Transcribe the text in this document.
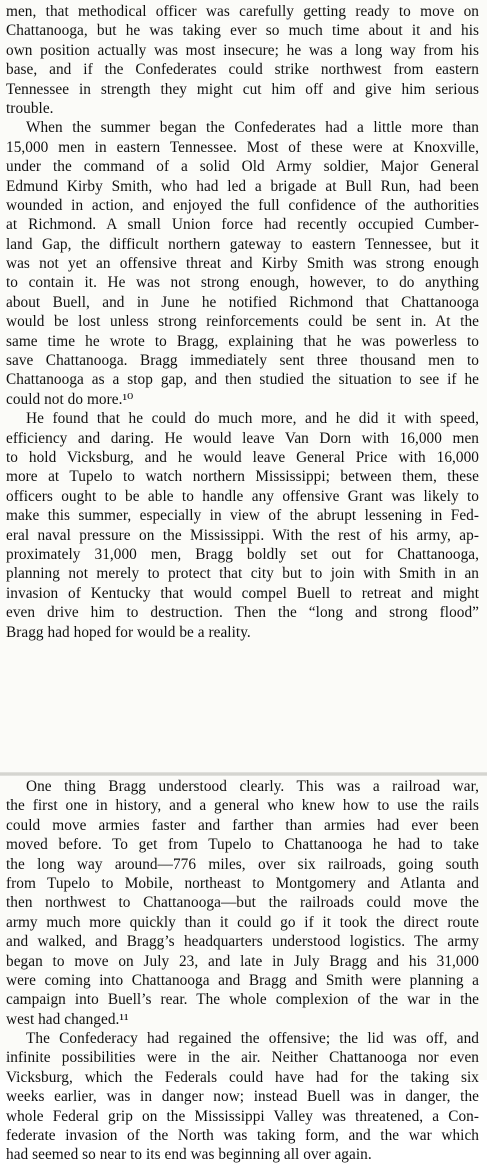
men, that methodical officer was carefully getting ready to move on
Chattanooga, but he was taking ever so much time about it and his
own position actually was most insecure; he was a long way from his
base, and if the Confederates could strike northwest from eastern
Tennessee in strength they might cut him off and give him serious
trouble.

When the summer began the Confederates had a little more than
15,000 men in eastern Tennessee. Most of these were at Knoxville,
under the command of a solid Old Army soldier, Major General
Edmund Kirby Smith, who had led a brigade at Bull Run, had been
wounded in action, and enjoyed the full confidence of the authorities
at Richmond. A small Union force had recently occupied Cumber-
land Gap, the difficult northern gateway to eastern Tennessee, but it
was not yet an offensive threat and Kirby Smith was strong enough
to contain it. He was not strong enough, however, to do anything
about Buell, and in June he notified Richmond that Chattanooga
would be lost unless strong reinforcements could be sent in. At the
same time he wrote to Bragg, explaining that he was powerless to
save Chattanooga. Bragg immediately sent three thousand men to
Chattanooga as a stop gap, and then studied the situation to see if he
could not do more.¹⁰

He found that he could do much more, and he did it with speed,
efficiency and daring. He would leave Van Dorn with 16,000 men
to hold Vicksburg, and he would leave General Price with 16,000
more at Tupelo to watch northern Mississippi; between them, these
officers ought to be able to handle any offensive Grant was likely to
make this summer, especially in view of the abrupt lessening in Fed-
eral naval pressure on the Mississippi. With the rest of his army, ap-
proximately 31,000 men, Bragg boldly set out for Chattanooga,
planning not merely to protect that city but to join with Smith in an
invasion of Kentucky that would compel Buell to retreat and might
even drive him to destruction. Then the “long and strong flood”
Bragg had hoped for would be a reality.

One thing Bragg understood clearly. This was a railroad war,
the first one in history, and a general who knew how to use the rails
could move armies faster and farther than armies had ever been
moved before. To get from Tupelo to Chattanooga he had to take
the long way around—776 miles, over six railroads, going south
from Tupelo to Mobile, northeast to Montgomery and Atlanta and
then northwest to Chattanooga—but the railroads could move the
army much more quickly than it could go if it took the direct route
and walked, and Bragg’s headquarters understood logistics. The army
began to move on July 23, and late in July Bragg and his 31,000
were coming into Chattanooga and Bragg and Smith were planning a
campaign into Buell’s rear. The whole complexion of the war in the
west had changed.¹¹

The Confederacy had regained the offensive; the lid was off, and
infinite possibilities were in the air. Neither Chattanooga nor even
Vicksburg, which the Federals could have had for the taking six
weeks earlier, was in danger now; instead Buell was in danger, the
whole Federal grip on the Mississippi Valley was threatened, a Con-
federate invasion of the North was taking form, and the war which
had seemed so near to its end was beginning all over again.
